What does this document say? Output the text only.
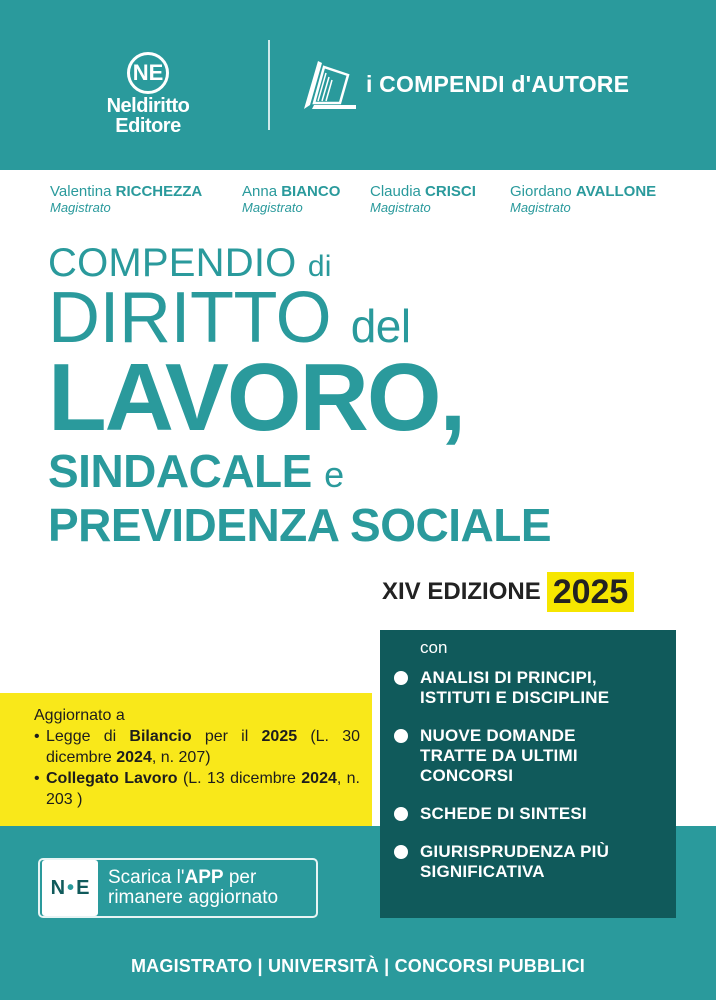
NE
Neldiritto
Editore
i COMPENDI d'AUTORE
Valentina RICCHEZZA
Magistrato
Anna BIANCO
Magistrato
Claudia CRISCI
Magistrato
Giordano AVALLONE
Magistrato
COMPENDIO di
DIRITTO del
LAVORO,
SINDACALE e
PREVIDENZA SOCIALE
XIV EDIZIONE 2025
Aggiornato a
• Legge di Bilancio per il 2025 (L. 30 dicembre 2024, n. 207)
• Collegato Lavoro (L. 13 dicembre 2024, n. 203 )
con
ANALISI DI PRINCIPI,
ISTITUTI E DISCIPLINE
NUOVE DOMANDE
TRATTE DA ULTIMI
CONCORSI
SCHEDE DI SINTESI
GIURISPRUDENZA PIÙ
SIGNIFICATIVA
N • E Scarica l'APP per
rimanere aggiornato
MAGISTRATO | UNIVERSITÀ | CONCORSI PUBBLICI
